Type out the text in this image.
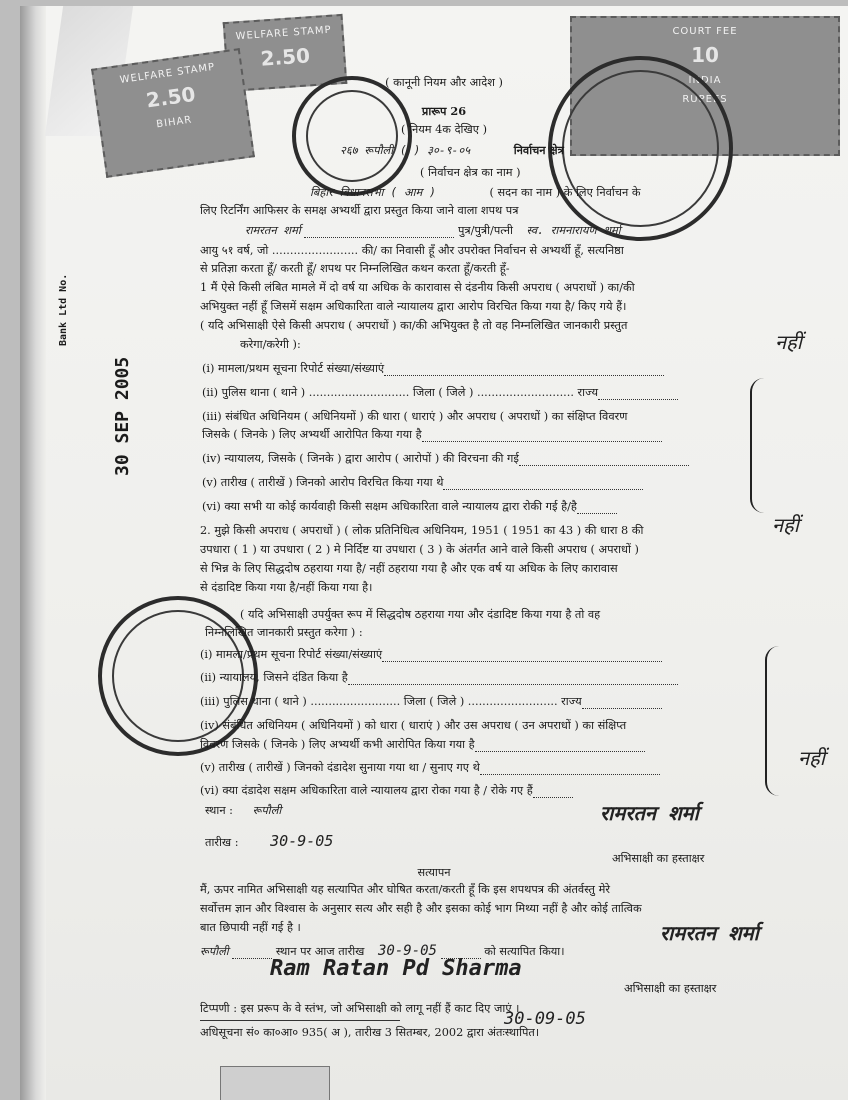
WELFARE STAMP
2.50
WELFARE STAMP
2.50
BIHAR
COURT FEE
10
INDIA
RUPEES
30 SEP 2005
Bank Ltd No.
( कानूनी नियम और आदेश )
प्रारूप 26
( नियम 4क देखिए )
२६७ रूपौली ( ) ३०-९-०५	निर्वाचन क्षेत्र
( निर्वाचन क्षेत्र का नाम )
बिहार विधानसभा ( आम )	( सदन का नाम ) के लिए निर्वाचन के
लिए रिटर्निंग आफिसर के समक्ष अभ्यर्थी द्वारा प्रस्तुत किया जाने वाला शपथ पत्र
रामरतन शर्मा	पुत्र/पुत्री/पत्नी स्व. रामनारायण शर्मा
आयु ५१ वर्ष, जो ........................ की/ का निवासी हूँ और उपरोक्त निर्वाचन से अभ्यर्थी हूँ, सत्यनिष्ठा
से प्रतिज्ञा करता हूँ/ करती हूँ/ शपथ पर निम्नलिखित कथन करता हूँ/करती हूँ-
1 मैं ऐसे किसी लंबित मामले में दो वर्ष या अधिक के कारावास से दंडनीय किसी अपराध ( अपराधों ) का/की
अभियुक्त नहीं हूँ जिसमें सक्षम अधिकारिता वाले न्यायालय द्वारा आरोप विरचित किया गया है/ किए गये हैं।
( यदि अभिसाक्षी ऐसे किसी अपराध ( अपराधों ) का/की अभियुक्त है तो वह निम्नलिखित जानकारी प्रस्तुत
करेगा/करेगी ):
(i) मामला/प्रथम सूचना रिपोर्ट संख्या/संख्याएं
(ii) पुलिस थाना ( थाने ) ............................ जिला ( जिले ) ........................... राज्य
(iii) संबंधित अधिनियम ( अधिनियमों ) की धारा ( धाराएं ) और अपराध ( अपराधों ) का संक्षिप्त विवरण
जिसके ( जिनके ) लिए अभ्यर्थी आरोपित किया गया है
(iv) न्यायालय, जिसके ( जिनके ) द्वारा आरोप ( आरोपों ) की विरचना की गई
(v) तारीख ( तारीखें ) जिनको आरोप विरचित किया गया थे
(vi) क्या सभी या कोई कार्यवाही किसी सक्षम अधिकारिता वाले न्यायालय द्वारा रोकी गई है/है
नहीं
2. मुझे किसी अपराध ( अपराधों ) ( लोक प्रतिनिधित्व अधिनियम, 1951 ( 1951 का 43 ) की धारा 8 की
उपधारा ( 1 ) या उपधारा ( 2 ) मे निर्दिष्ट या उपधारा ( 3 ) के अंतर्गत आने वाले किसी अपराध ( अपराधों )
से भिन्न के लिए सिद्धदोष ठहराया गया है/ नहीं ठहराया गया है और एक वर्ष या अधिक के लिए कारावास
से दंडादिष्ट किया गया है/नहीं किया गया है।
नहीं
( यदि अभिसाक्षी उपर्युक्त रूप में सिद्धदोष ठहराया गया और दंडादिष्ट किया गया है तो वह
निम्नलिखित जानकारी प्रस्तुत करेगा ) :
(i) मामला/प्रथम सूचना रिपोर्ट संख्या/संख्याएं
(ii) न्यायालय, जिसने दंडित किया है
(iii) पुलिस थाना ( थाने ) ......................... जिला ( जिले ) ......................... राज्य
(iv) संबंधित अधिनियम ( अधिनियमों ) को धारा ( धाराएं ) और उस अपराध ( उन अपराधों ) का संक्षिप्त
विवरण जिसके ( जिनके ) लिए अभ्यर्थी कभी आरोपित किया गया है
(v) तारीख ( तारीखें ) जिनको दंडादेश सुनाया गया था / सुनाए गए थे
(vi) क्या दंडादेश सक्षम अधिकारिता वाले न्यायालय द्वारा रोका गया है / रोके गए हैं
नहीं
स्थान : रूपौली	रामरतन शर्मा
तारीख : 30-9-05
अभिसाक्षी का हस्ताक्षर
सत्यापन
मैं, ऊपर नामित अभिसाक्षी यह सत्यापित और घोषित करता/करती हूँ कि इस शपथपत्र की अंतर्वस्तु मेरे
सर्वोत्तम ज्ञान और विश्वास के अनुसार सत्य और सही है और इसका कोई भाग मिथ्या नहीं है और कोई तात्विक
बात छिपायी नहीं गई है ।
रूपौली	स्थान पर आज तारीख 30-9-05	को सत्यापित किया।
रामरतन शर्मा
Ram Ratan Pd Sharma
अभिसाक्षी का हस्ताक्षर
टिप्पणी : इस प्ररूप के वे स्तंभ, जो अभिसाक्षी को लागू नहीं हैं काट दिए जाएं ।
अधिसूचना सं० का०आ० 935( अ ), तारीख 3 सितम्बर, 2002 द्वारा अंतःस्थापित।
30-09-05
